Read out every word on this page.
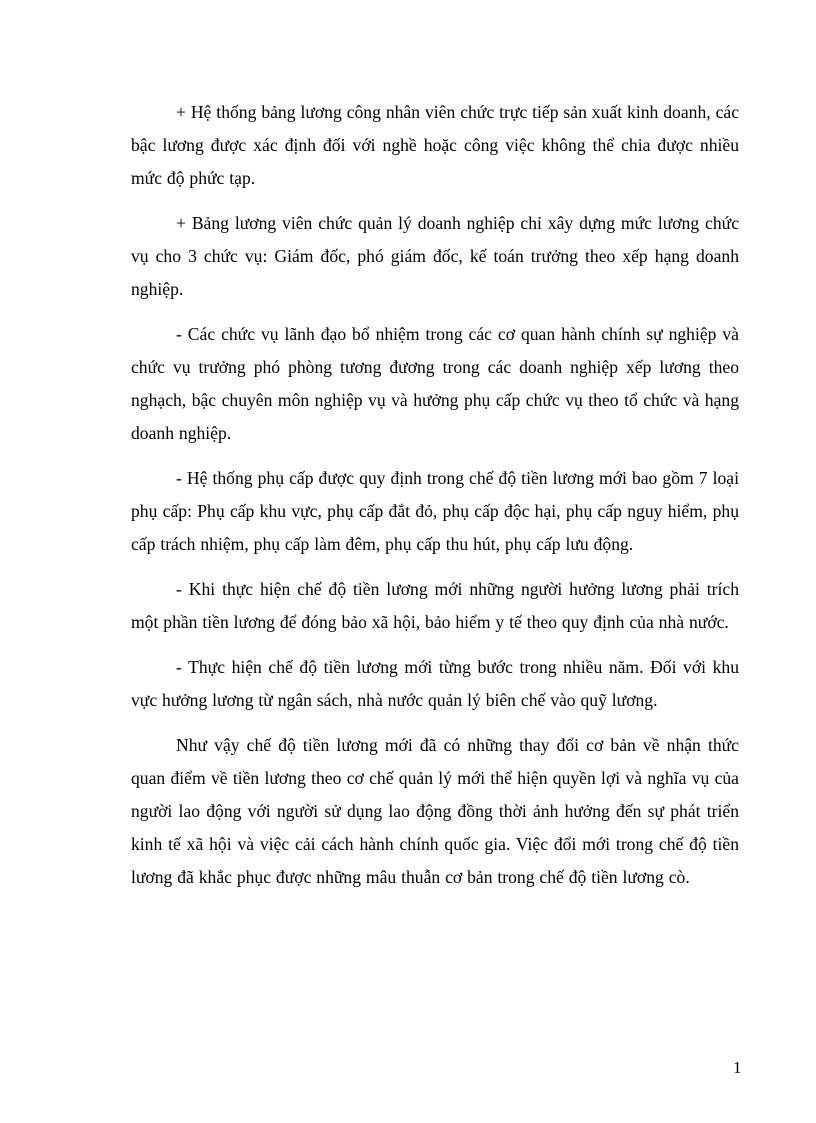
+ Hệ thống bảng lương công nhân viên chức trực tiếp sản xuất kinh doanh, các bậc lương được xác định đối với nghề hoặc công việc không thể chia được nhiều mức độ phức tạp.

+ Bảng lương viên chức quản lý doanh nghiệp chỉ xây dựng mức lương chức vụ cho 3 chức vụ: Giám đốc, phó giám đốc, kế toán trưởng theo xếp hạng doanh nghiệp.

- Các chức vụ lãnh đạo bổ nhiệm trong các cơ quan hành chính sự nghiệp và chức vụ trưởng phó phòng tương đương trong các doanh nghiệp xếp lương theo nghạch, bậc chuyên môn nghiệp vụ và hưởng phụ cấp chức vụ theo tổ chức và hạng doanh nghiệp.

- Hệ thống phụ cấp được quy định trong chế độ tiền lương mới bao gồm 7 loại phụ cấp: Phụ cấp khu vực, phụ cấp đắt đỏ, phụ cấp độc hại, phụ cấp nguy hiểm, phụ cấp trách nhiệm, phụ cấp làm đêm, phụ cấp thu hút, phụ cấp lưu động.

- Khi thực hiện chế độ tiền lương mới những người hưởng lương phải trích một phần tiền lương để đóng bảo xã hội, bảo hiểm y tế theo quy định của nhà nước.

- Thực hiện chế độ tiền lương mới từng bước trong nhiều năm. Đối với khu vực hưởng lương từ ngân sách, nhà nước quản lý biên chế vào quỹ lương.

Như vậy chế độ tiền lương mới đã có những thay đổi cơ bản về nhận thức quan điểm về tiền lương theo cơ chế quản lý mới thể hiện quyền lợi và nghĩa vụ của người lao động với người sử dụng lao động đồng thời ảnh hưởng đến sự phát triển kinh tế xã hội và việc cải cách hành chính quốc gia. Việc đổi mới trong chế độ tiền lương đã khắc phục được những mâu thuẫn cơ bản trong chế độ tiền lương cò.

1
